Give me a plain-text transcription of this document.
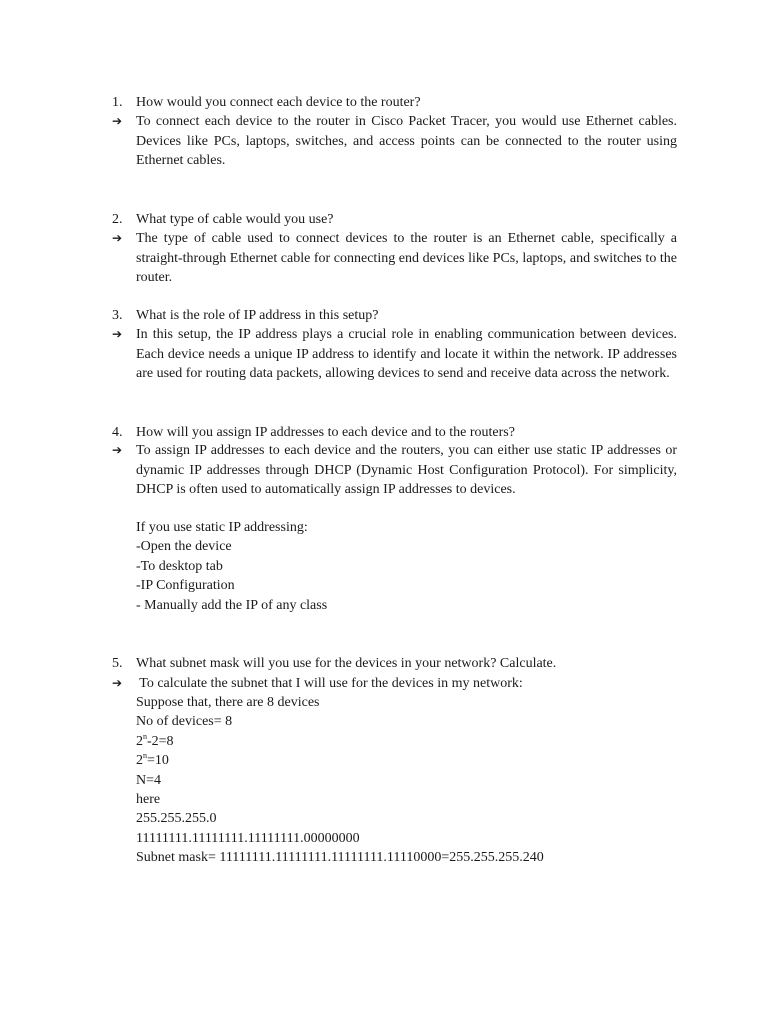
1. How would you connect each device to the router?
➔ To connect each device to the router in Cisco Packet Tracer, you would use Ethernet cables. Devices like PCs, laptops, switches, and access points can be connected to the router using Ethernet cables.
2. What type of cable would you use?
➔ The type of cable used to connect devices to the router is an Ethernet cable, specifically a straight-through Ethernet cable for connecting end devices like PCs, laptops, and switches to the router.
3. What is the role of IP address in this setup?
➔ In this setup, the IP address plays a crucial role in enabling communication between devices. Each device needs a unique IP address to identify and locate it within the network. IP addresses are used for routing data packets, allowing devices to send and receive data across the network.
4. How will you assign IP addresses to each device and to the routers?
➔ To assign IP addresses to each device and the routers, you can either use static IP addresses or dynamic IP addresses through DHCP (Dynamic Host Configuration Protocol). For simplicity, DHCP is often used to automatically assign IP addresses to devices.
If you use static IP addressing:
-Open the device
-To desktop tab
-IP Configuration
- Manually add the IP of any class
5. What subnet mask will you use for the devices in your network? Calculate.
➔ To calculate the subnet that I will use for the devices in my network:
Suppose that, there are 8 devices
No of devices= 8
$2^n-2=8$
$2^n=10$
N=4
here
255.255.255.0
11111111.11111111.11111111.00000000
Subnet mask= 11111111.11111111.11111111.11110000=255.255.255.240
